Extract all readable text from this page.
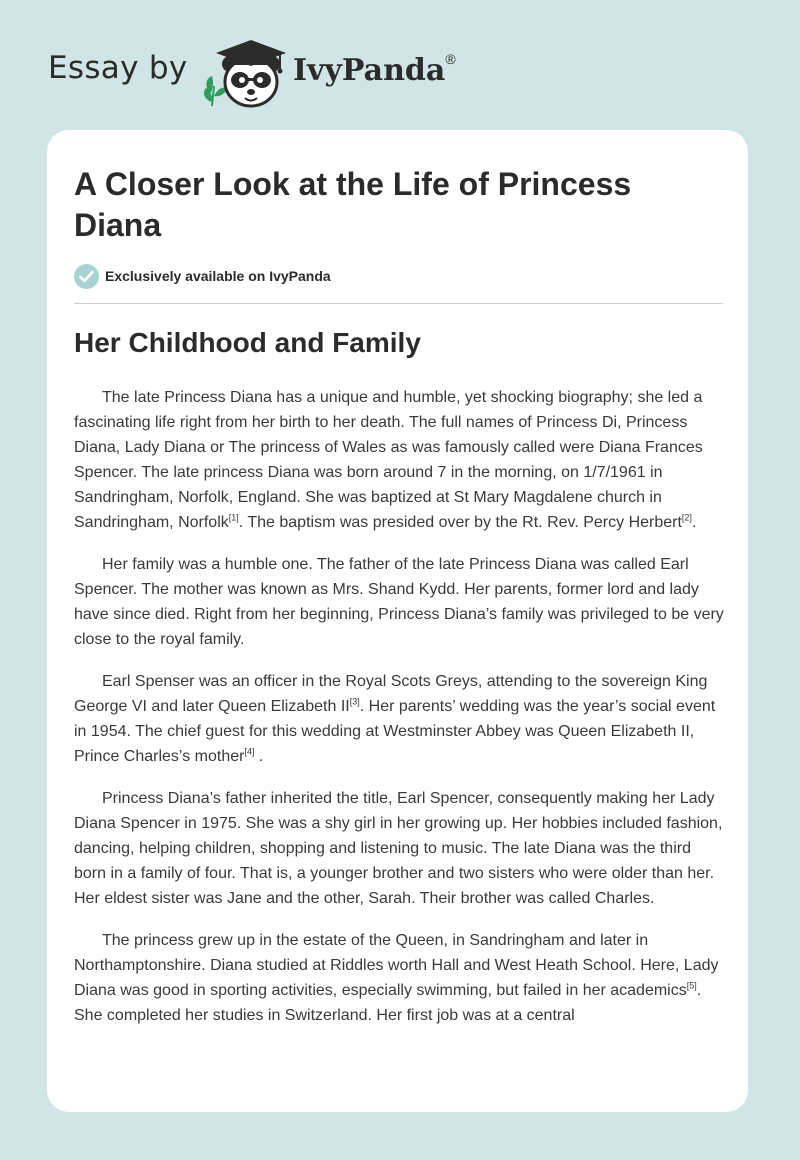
Essay by	IvyPanda®
A Closer Look at the Life of Princess Diana
Exclusively available on IvyPanda
Her Childhood and Family

The late Princess Diana has a unique and humble, yet shocking biography; she led a fascinating life right from her birth to her death. The full names of Princess Di, Princess Diana, Lady Diana or The princess of Wales as was famously called were Diana Frances Spencer. The late princess Diana was born around 7 in the morning, on 1/7/1961 in Sandringham, Norfolk, England. She was baptized at St Mary Magdalene church in Sandringham, Norfolk[1]. The baptism was presided over by the Rt. Rev. Percy Herbert[2].

Her family was a humble one. The father of the late Princess Diana was called Earl Spencer. The mother was known as Mrs. Shand Kydd. Her parents, former lord and lady have since died. Right from her beginning, Princess Diana’s family was privileged to be very close to the royal family.

Earl Spenser was an officer in the Royal Scots Greys, attending to the sovereign King George VI and later Queen Elizabeth II[3]. Her parents’ wedding was the year’s social event in 1954. The chief guest for this wedding at Westminster Abbey was Queen Elizabeth II, Prince Charles’s mother[4] .

Princess Diana’s father inherited the title, Earl Spencer, consequently making her Lady Diana Spencer in 1975. She was a shy girl in her growing up. Her hobbies included fashion, dancing, helping children, shopping and listening to music. The late Diana was the third born in a family of four. That is, a younger brother and two sisters who were older than her. Her eldest sister was Jane and the other, Sarah. Their brother was called Charles.

The princess grew up in the estate of the Queen, in Sandringham and later in Northamptonshire. Diana studied at Riddles worth Hall and West Heath School. Here, Lady Diana was good in sporting activities, especially swimming, but failed in her academics[5]. She completed her studies in Switzerland. Her first job was at a central
